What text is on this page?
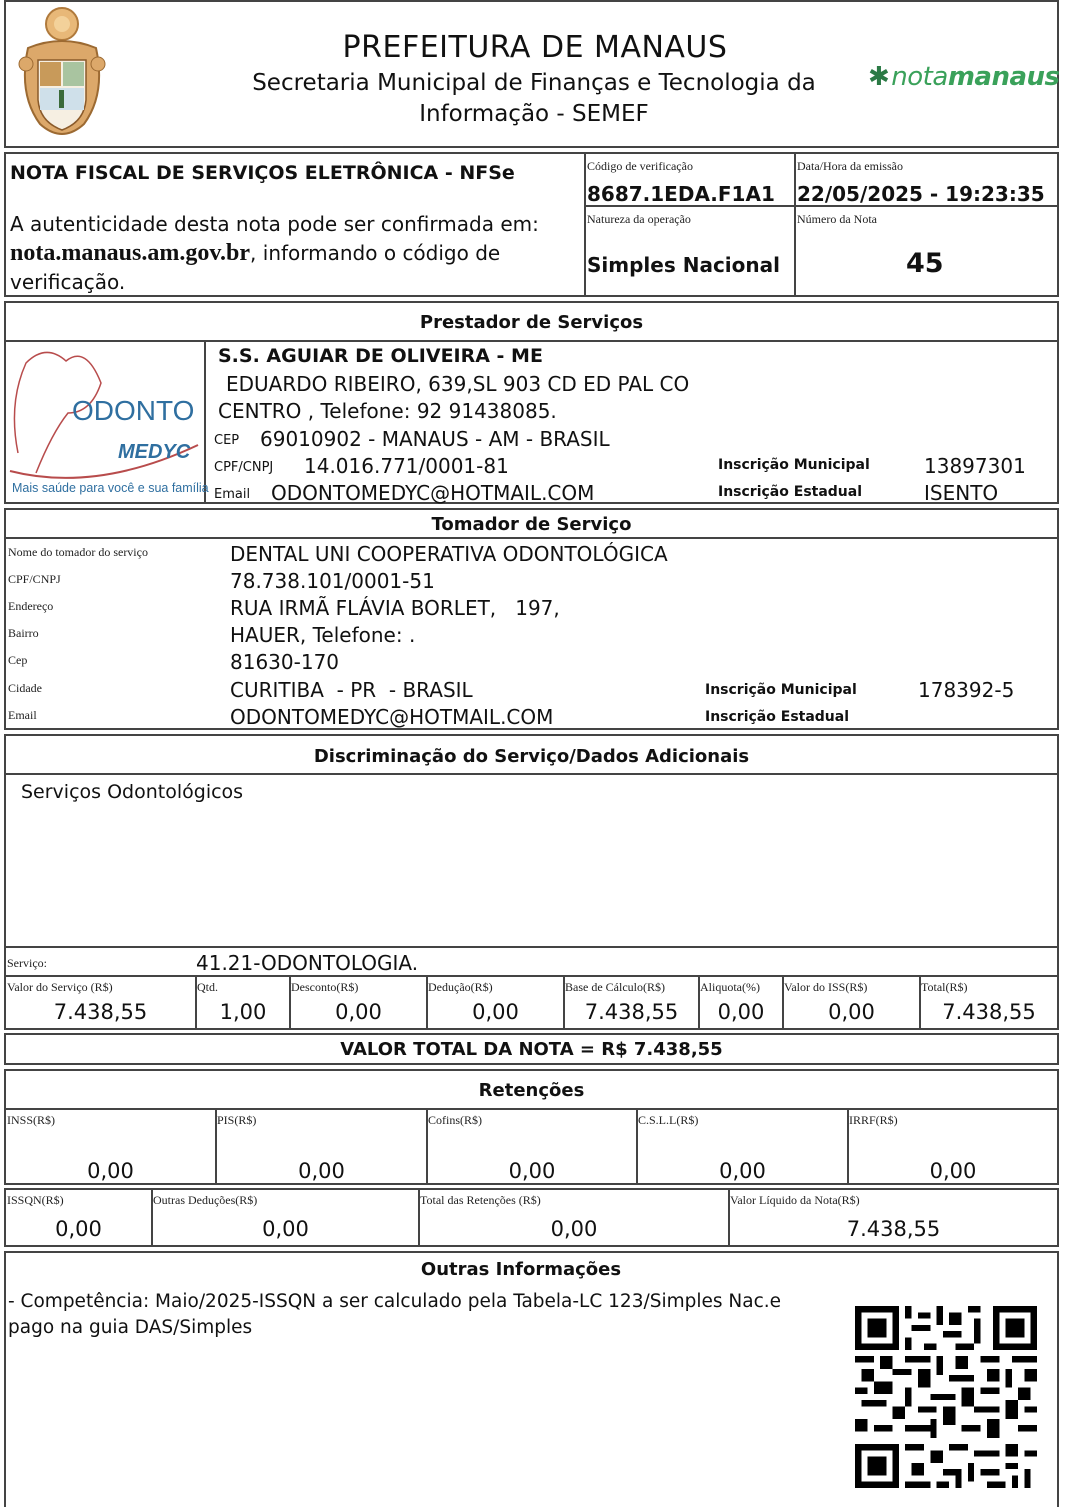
PREFEITURA DE MANAUS
Secretaria Municipal de Finanças e Tecnologia da
Informação - SEMEF
✱notamanaus
NOTA FISCAL DE SERVIÇOS ELETRÔNICA - NFSe
A autenticidade desta nota pode ser confirmada em: nota.manaus.am.gov.br, informando o código de verificação.
Código de verificação
8687.1EDA.F1A1
Data/Hora da emissão
22/05/2025 - 19:23:35
Natureza da operação
Simples Nacional
Número da Nota
45
Prestador de Serviços
ODONTO
MEDYC
Mais saúde para você e sua família
S.S. AGUIAR DE OLIVEIRA - ME
EDUARDO RIBEIRO, 639,SL 903 CD ED PAL CO
CENTRO , Telefone: 92 91438085.
CEP 69010902 - MANAUS - AM - BRASIL
CPF/CNPJ 14.016.771/0001-81
Email ODONTOMEDYC@HOTMAIL.COM
Inscrição Municipal	13897301
Inscrição Estadual	ISENTO
Tomador de Serviço
Nome do tomador do serviço	DENTAL UNI COOPERATIVA ODONTOLÓGICA
CPF/CNPJ	78.738.101/0001-51
Endereço	RUA IRMÃ FLÁVIA BORLET,   197,
Bairro	HAUER, Telefone: .
Cep	81630-170
Cidade	CURITIBA  - PR  - BRASIL
Email	ODONTOMEDYC@HOTMAIL.COM
Inscrição Municipal	178392-5
Inscrição Estadual
Discriminação do Serviço/Dados Adicionais
Serviços Odontológicos
Serviço:	41.21-ODONTOLOGIA.
Valor do Serviço (R$)
7.438,55
Qtd.
1,00
Desconto(R$)
0,00
Dedução(R$)
0,00
Base de Cálculo(R$)
7.438,55
Aliquota(%)
0,00
Valor do ISS(R$)
0,00
Total(R$)
7.438,55
VALOR TOTAL DA NOTA = R$ 7.438,55
Retenções
INSS(R$)
0,00
PIS(R$)
0,00
Cofins(R$)
0,00
C.S.L.L(R$)
0,00
IRRF(R$)
0,00
ISSQN(R$)
0,00
Outras Deduções(R$)
0,00
Total das Retenções (R$)
0,00
Valor Líquido da Nota(R$)
7.438,55
Outras Informações
- Competência: Maio/2025-ISSQN a ser calculado pela Tabela-LC 123/Simples Nac.e
pago na guia DAS/Simples
